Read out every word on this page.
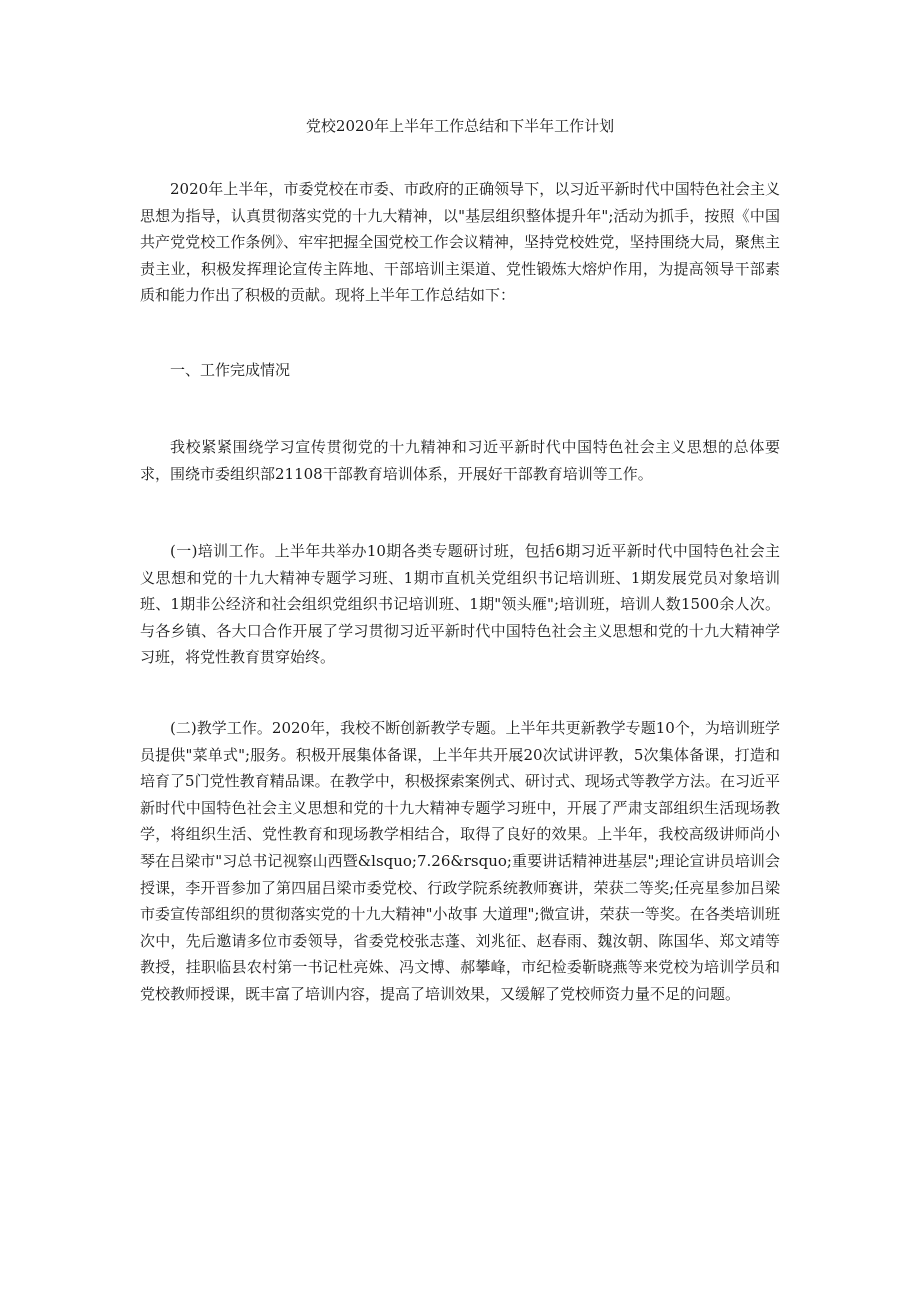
党校2020年上半年工作总结和下半年工作计划

2020年上半年，市委党校在市委、市政府的正确领导下，以习近平新时代中国特色社会主义思想为指导，认真贯彻落实党的十九大精神，以"基层组织整体提升年";活动为抓手，按照《中国共产党党校工作条例》、牢牢把握全国党校工作会议精神，坚持党校姓党，坚持围绕大局，聚焦主责主业，积极发挥理论宣传主阵地、干部培训主渠道、党性锻炼大熔炉作用，为提高领导干部素质和能力作出了积极的贡献。现将上半年工作总结如下：

一、工作完成情况

我校紧紧围绕学习宣传贯彻党的十九精神和习近平新时代中国特色社会主义思想的总体要求，围绕市委组织部21108干部教育培训体系，开展好干部教育培训等工作。

(一)培训工作。上半年共举办10期各类专题研讨班，包括6期习近平新时代中国特色社会主义思想和党的十九大精神专题学习班、1期市直机关党组织书记培训班、1期发展党员对象培训班、1期非公经济和社会组织党组织书记培训班、1期"领头雁";培训班，培训人数1500余人次。与各乡镇、各大口合作开展了学习贯彻习近平新时代中国特色社会主义思想和党的十九大精神学习班，将党性教育贯穿始终。

(二)教学工作。2020年，我校不断创新教学专题。上半年共更新教学专题10个，为培训班学员提供"菜单式";服务。积极开展集体备课，上半年共开展20次试讲评教，5次集体备课，打造和培育了5门党性教育精品课。在教学中，积极探索案例式、研讨式、现场式等教学方法。在习近平新时代中国特色社会主义思想和党的十九大精神专题学习班中，开展了严肃支部组织生活现场教学，将组织生活、党性教育和现场教学相结合，取得了良好的效果。上半年，我校高级讲师尚小琴在吕梁市"习总书记视察山西暨&lsquo;7.26&rsquo;重要讲话精神进基层";理论宣讲员培训会授课，李开晋参加了第四届吕梁市委党校、行政学院系统教师赛讲，荣获二等奖;任亮星参加吕梁市委宣传部组织的贯彻落实党的十九大精神"小故事 大道理";微宣讲，荣获一等奖。在各类培训班次中，先后邀请多位市委领导，省委党校张志蓬、刘兆征、赵春雨、魏汝朝、陈国华、郑文靖等教授，挂职临县农村第一书记杜亮姝、冯文博、郝攀峰，市纪检委靳晓燕等来党校为培训学员和党校教师授课，既丰富了培训内容，提高了培训效果，又缓解了党校师资力量不足的问题。
